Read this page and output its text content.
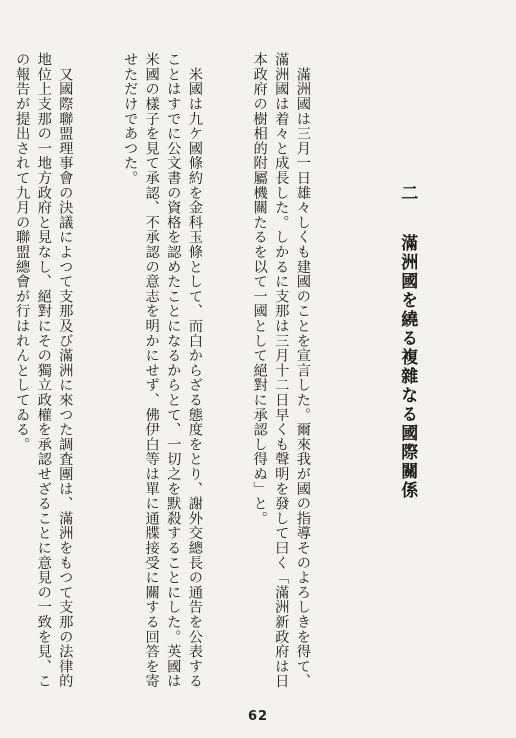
二　滿洲國を繞る複雜なる國際關係

　滿洲國は三月一日雄々しくも建國のことを宣言した。爾來我が國の指導そのよろしきを得て、滿洲國は着々と成長した。しかるに支那は三月十二日早くも聲明を發して曰く「滿洲新政府は日本政府の樹相的附屬機關たるを以て一國として絕對に承認し得ぬ」と。

　米國は九ケ國條約を金科玉條として、而白からざる態度をとり、謝外交總長の通告を公表することはすでに公文書の資格を認めたことになるからとて、一切之を默殺することにした。英國は米國の樣子を見て承認、不承認の意志を明かにせず、佛伊白等は單に通牒接受に關する回答を寄せただけであつた。

　又國際聯盟理事會の決議によつて支那及び滿洲に來つた調査團は、滿洲をもつて支那の法律的地位上支那の一地方政府と見なし、絕對にその獨立政權を承認せざることに意見の一致を見、この報告が提出されて九月の聯盟總會が行はれんとしてゐる。

62
